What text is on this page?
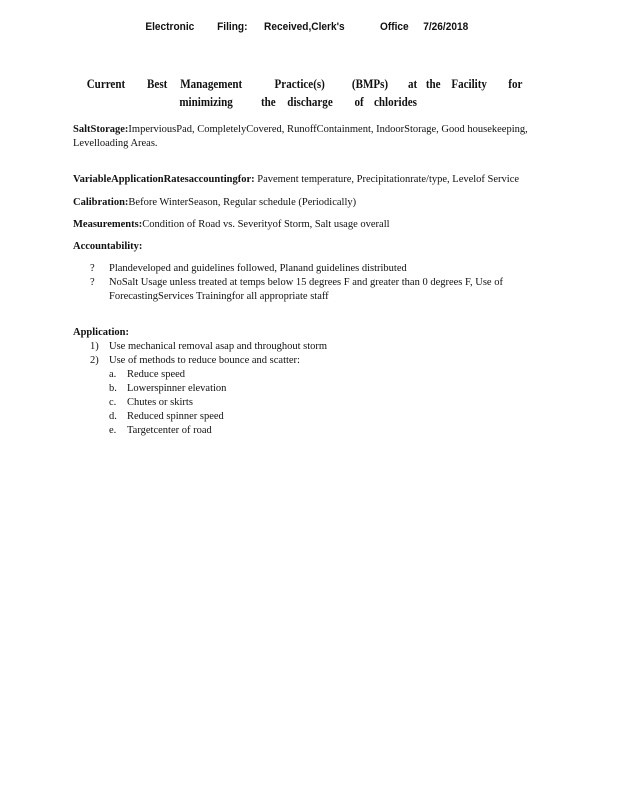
Electronic Filing: Received,Clerk's	Office 7/26/2018
Current Best Management Practice(s) (BMPs) at the Facility for
minimizing the discharge of chlorides

SaltStorage:ImperviousPad, CompletelyCovered, RunoffContainment, IndoorStorage, Good housekeeping, Levelloading Areas.

VariableApplicationRatesaccountingfor: Pavement temperature, Precipitationrate/type, Levelof Service

Calibration:Before WinterSeason, Regular schedule (Periodically)

Measurements:Condition of Road vs. Severityof Storm, Salt usage overall

Accountability:

? Plandeveloped and guidelines followed, Planand guidelines distributed
? NoSalt Usage unless treated at temps below 15 degrees F and greater than 0 degrees F, Use of ForecastingServices Trainingfor all appropriate staff

Application:

1) Use mechanical removal asap and throughout storm
2) Use of methods to reduce bounce and scatter:
a. Reduce speed
b. Lowerspinner elevation
c. Chutes or skirts
d. Reduced spinner speed
e. Targetcenter of road
